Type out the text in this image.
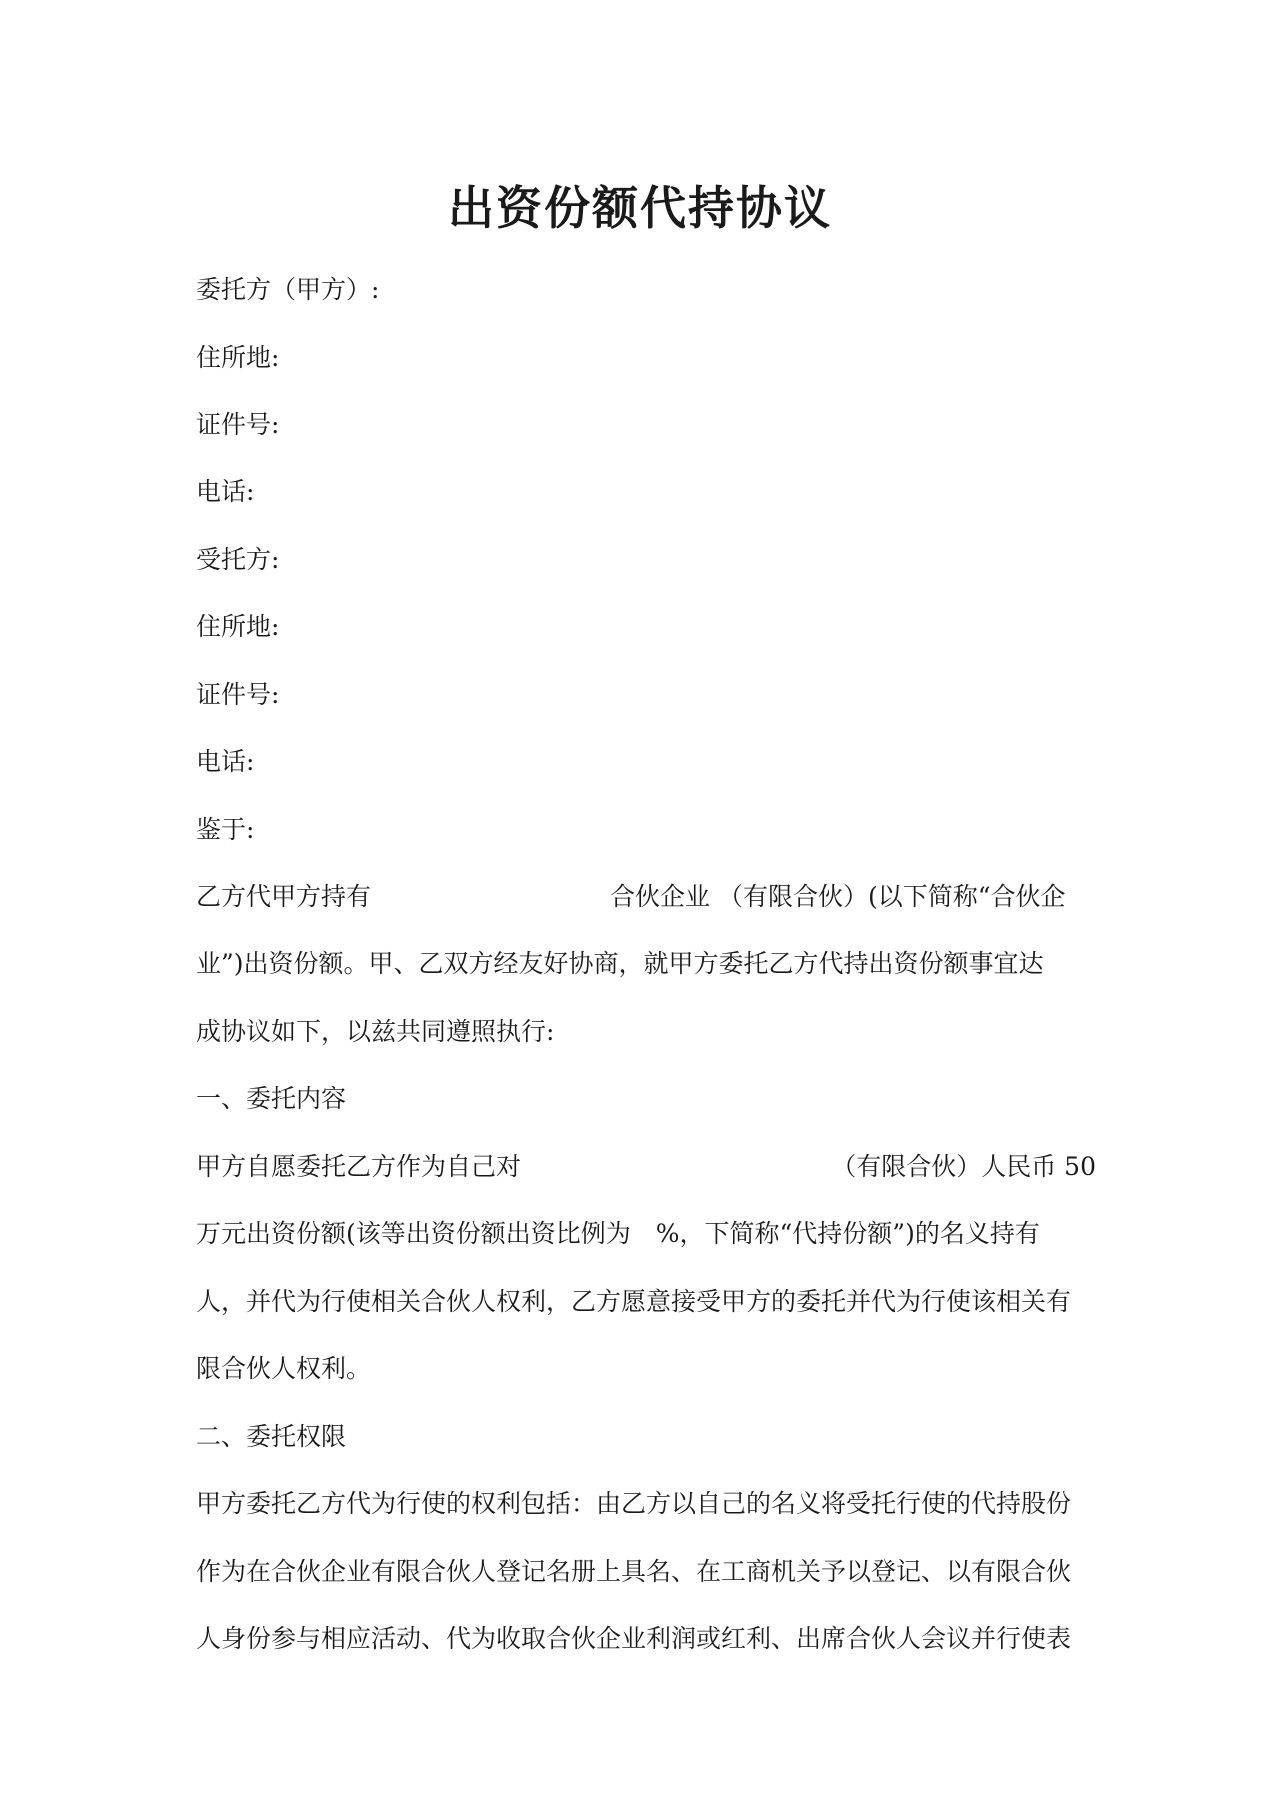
出资份额代持协议
委托方（甲方）:
住所地:
证件号:
电话:
受托方:
住所地:
证件号:
电话:
鉴于:
乙方代甲方持有	合伙企业 （有限合伙）(以下简称“合伙企
业”)出资份额。甲、乙双方经友好协商，就甲方委托乙方代持出资份额事宜达
成协议如下，以兹共同遵照执行:
一、委托内容
甲方自愿委托乙方作为自己对	（有限合伙）人民币 50
万元出资份额(该等出资份额出资比例为　%，下简称“代持份额”)的名义持有
人，并代为行使相关合伙人权利，乙方愿意接受甲方的委托并代为行使该相关有
限合伙人权利。
二、委托权限
甲方委托乙方代为行使的权利包括：由乙方以自己的名义将受托行使的代持股份
作为在合伙企业有限合伙人登记名册上具名、在工商机关予以登记、以有限合伙
人身份参与相应活动、代为收取合伙企业利润或红利、出席合伙人会议并行使表
